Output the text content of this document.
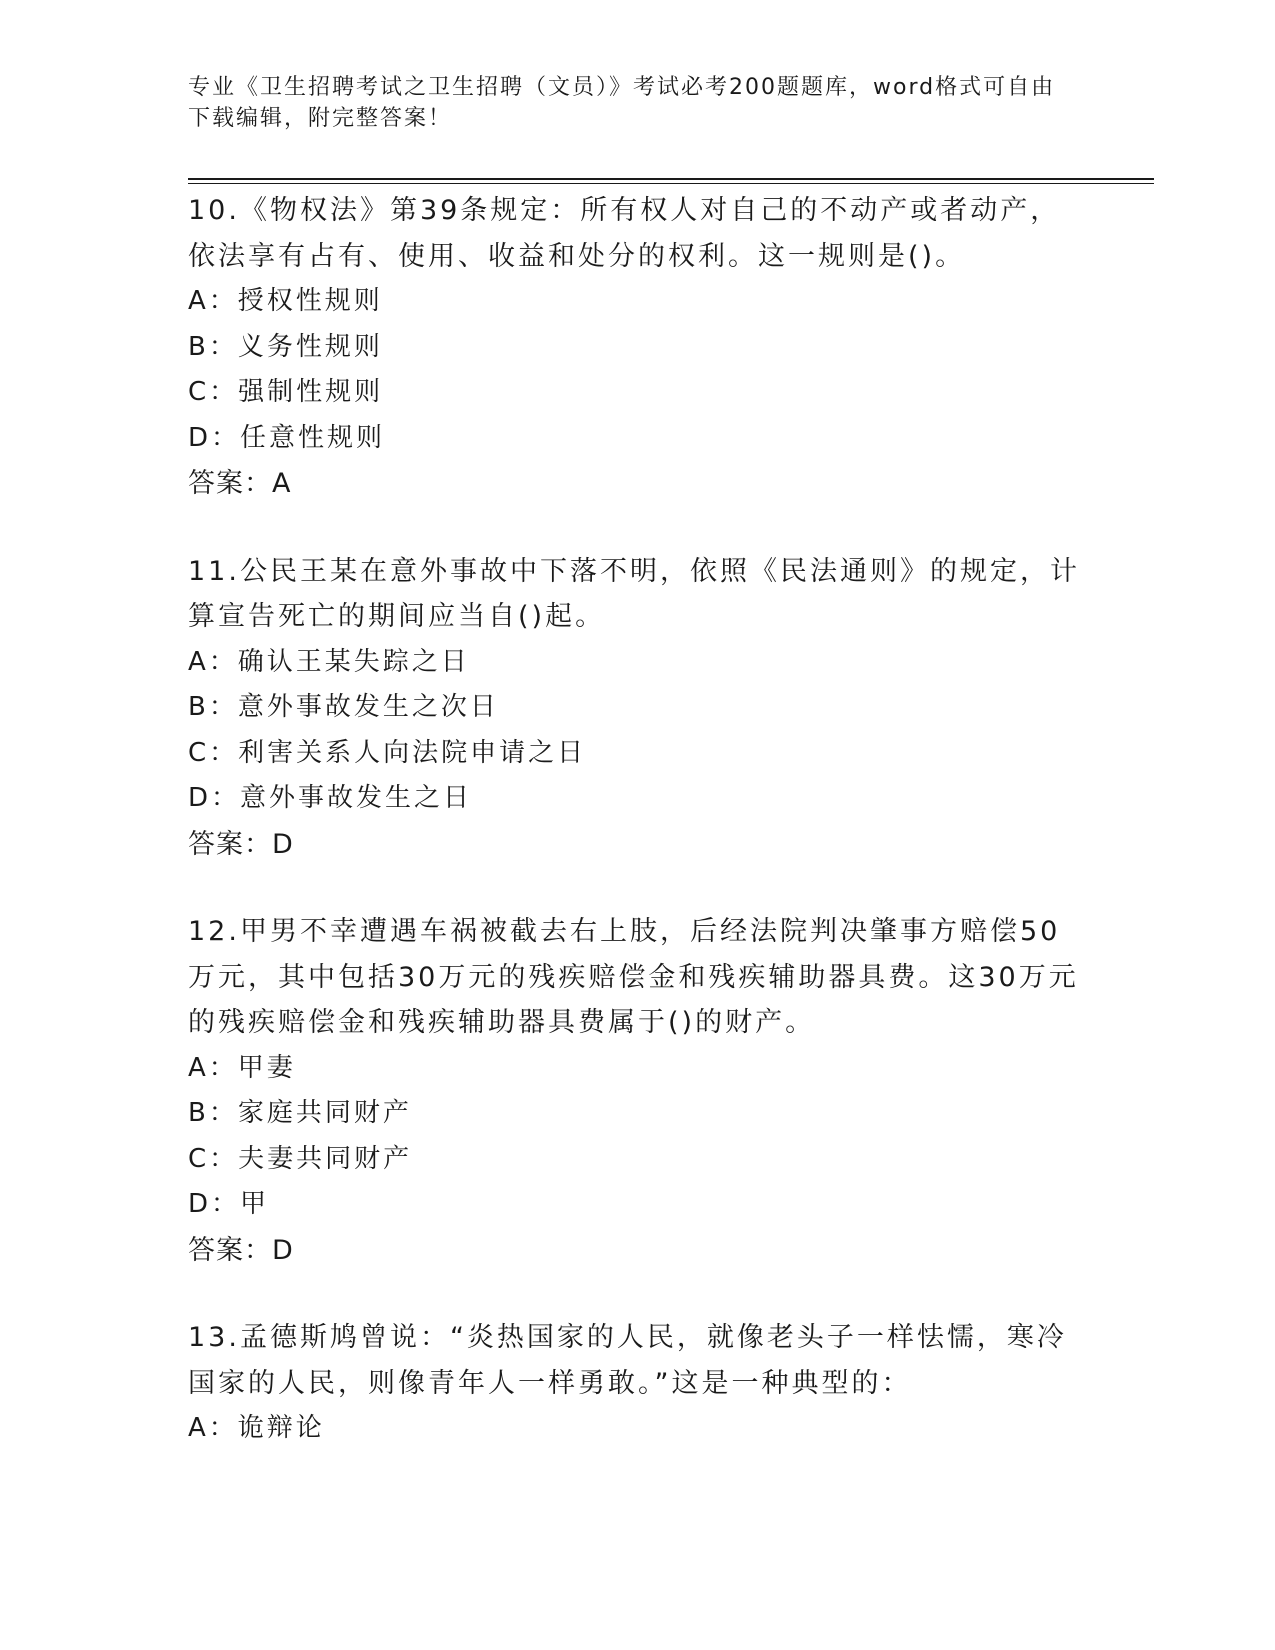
专业《卫生招聘考试之卫生招聘（文员）》考试必考200题题库，word格式可自由下载编辑，附完整答案！

10.《物权法》第39条规定：所有权人对自己的不动产或者动产，依法享有占有、使用、收益和处分的权利。这一规则是()。

A：授权性规则

B：义务性规则

C：强制性规则

D：任意性规则

答案：A

11.公民王某在意外事故中下落不明，依照《民法通则》的规定，计算宣告死亡的期间应当自()起。

A：确认王某失踪之日

B：意外事故发生之次日

C：利害关系人向法院申请之日

D：意外事故发生之日

答案：D

12.甲男不幸遭遇车祸被截去右上肢，后经法院判决肇事方赔偿50万元，其中包括30万元的残疾赔偿金和残疾辅助器具费。这30万元的残疾赔偿金和残疾辅助器具费属于()的财产。

A：甲妻

B：家庭共同财产

C：夫妻共同财产

D：甲

答案：D

13.孟德斯鸠曾说：“炎热国家的人民，就像老头子一样怯懦，寒冷国家的人民，则像青年人一样勇敢。”这是一种典型的：

A：诡辩论
